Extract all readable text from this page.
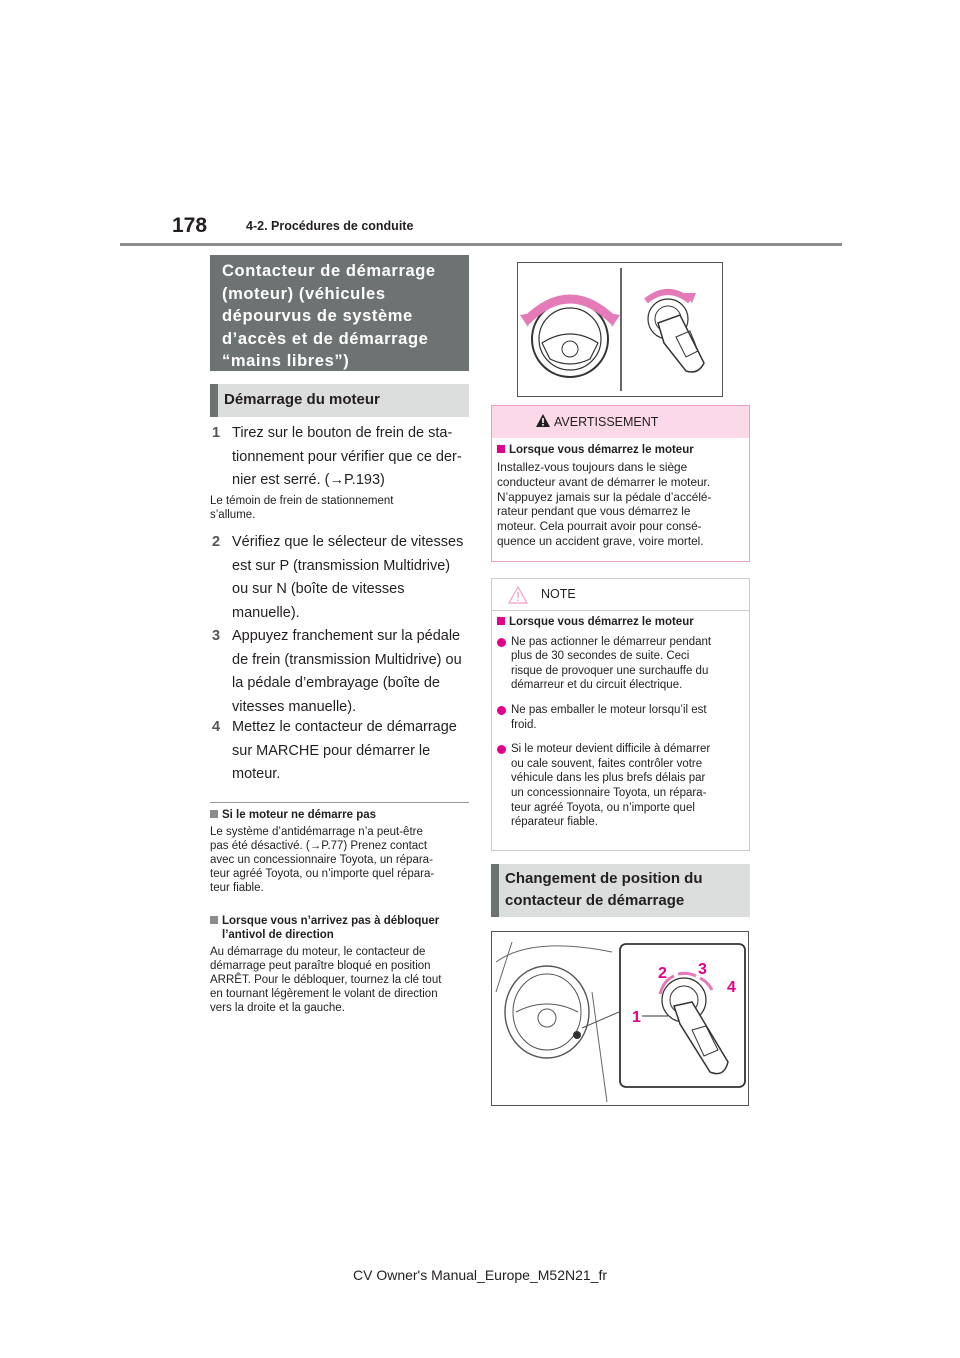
178	4-2. Procédures de conduite
Contacteur de démarrage
(moteur) (véhicules
dépourvus de système
d’accès et de démarrage
“mains libres”)
Démarrage du moteur
1 Tirez sur le bouton de frein de sta-
tionnement pour vérifier que ce der-
nier est serré. (→P.193)
Le témoin de frein de stationnement
s’allume.
2 Vérifiez que le sélecteur de vitesses
est sur P (transmission Multidrive)
ou sur N (boîte de vitesses
manuelle).
3 Appuyez franchement sur la pédale
de frein (transmission Multidrive) ou
la pédale d’embrayage (boîte de
vitesses manuelle).
4 Mettez le contacteur de démarrage
sur MARCHE pour démarrer le
moteur.
Si le moteur ne démarre pas
Le système d’antidémarrage n’a peut-être
pas été désactivé. (→P.77) Prenez contact
avec un concessionnaire Toyota, un répara-
teur agréé Toyota, ou n’importe quel répara-
teur fiable.
Lorsque vous n’arrivez pas à débloquer
l’antivol de direction
Au démarrage du moteur, le contacteur de
démarrage peut paraître bloqué en position
ARRÊT. Pour le débloquer, tournez la clé tout
en tournant légèrement le volant de direction
vers la droite et la gauche.
AVERTISSEMENT
Lorsque vous démarrez le moteur
Installez-vous toujours dans le siège
conducteur avant de démarrer le moteur.
N’appuyez jamais sur la pédale d’accélé-
rateur pendant que vous démarrez le
moteur. Cela pourrait avoir pour consé-
quence un accident grave, voire mortel.
NOTE
Lorsque vous démarrez le moteur
Ne pas actionner le démarreur pendant
plus de 30 secondes de suite. Ceci
risque de provoquer une surchauffe du
démarreur et du circuit électrique.
Ne pas emballer le moteur lorsqu’il est
froid.
Si le moteur devient difficile à démarrer
ou cale souvent, faites contrôler votre
véhicule dans les plus brefs délais par
un concessionnaire Toyota, un répara-
teur agréé Toyota, ou n’importe quel
réparateur fiable.
Changement de position du
contacteur de démarrage
1
2 3
4
CV Owner's Manual_Europe_M52N21_fr
